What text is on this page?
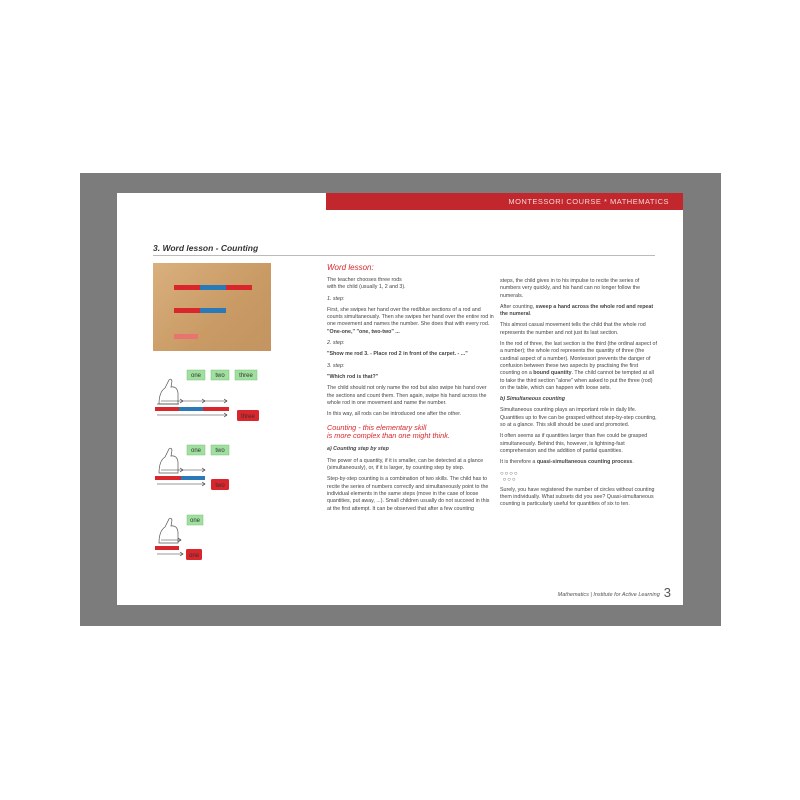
MONTESSORI COURSE * MATHEMATICS
3. Word lesson - Counting
one two three
three
one two
two
one
one

Word lesson:

The teacher chooses three rods
with the child (usually 1, 2 and 3).

1. step:

First, she swipes her hand over the red/blue sections of a rod and counts simultaneously. Then she swipes her hand over the entire rod in one movement and names the number. She does that with every rod.
"One-one," "one, two-two" ...

2. step:

"Show me rod 3. - Place rod 2 in front of the carpet. - ..."

3. step:

"Which rod is that?"

The child should not only name the rod but also swipe his hand over the sections and count them. Then again, swipe his hand across the whole rod in one movement and name the number.

In this way, all rods can be introduced one after the other.

Counting - this elementary skill
is more complex than one might think.

a) Counting step by step

The power of a quantity, if it is smaller, can be detected at a glance (simultaneously), or, if it is larger, by counting step by step.

Step-by-step counting is a combination of two skills. The child has to recite the series of numbers correctly and simultaneously point to the individual elements in the same steps (move in the case of loose quantities, put away, ...). Small children usually do not succeed in this at the first attempt. It can be observed that after a few counting

steps, the child gives in to his impulse to recite the series of numbers very quickly, and his hand can no longer follow the numerals.

After counting, sweep a hand across the whole rod and repeat the numeral.

This almost casual movement tells the child that the whole rod represents the number and not just its last section.

In the rod of three, the last section is the third (the ordinal aspect of a number); the whole rod represents the quantity of three (the cardinal aspect of a number). Montessori prevents the danger of confusion between these two aspects by practising the first counting on a bound quantity. The child cannot be tempted at all to take the third section "alone" when asked to put the three (rod) on the table, which can happen with loose sets.

b) Simultaneous counting

Simultaneous counting plays an important role in daily life. Quantities up to five can be grasped without step-by-step counting, so at a glance. This skill should be used and promoted.

It often seems as if quantities larger than five could be grasped simultaneously. Behind this, however, is lightning-fast comprehension and the addition of partial quantities.

It is therefore a quasi-simultaneous counting process.

○○○○
○○○

Surely, you have registered the number of circles without counting them individually. What subsets did you see? Quasi-simultaneous counting is particularly useful for quantities of six to ten.

Mathematics | Institute for Active Learning 3
